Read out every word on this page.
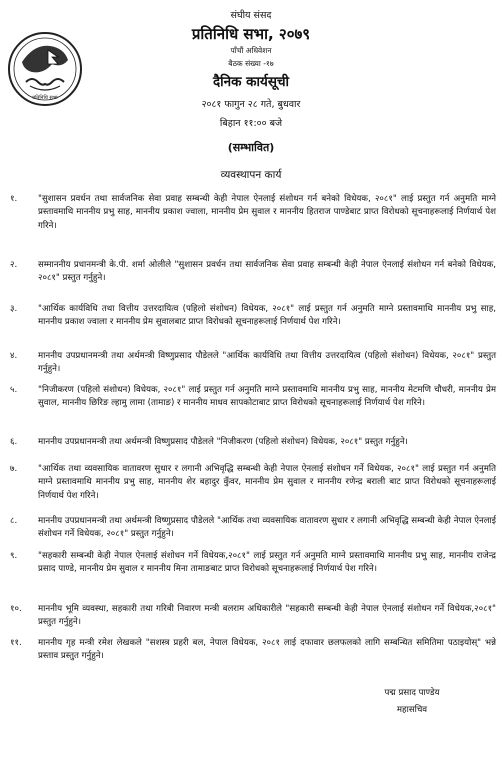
प्रतिनिधि सभा
संघीय संसद
प्रतिनिधि सभा, २०७९
पाँचौं अधिवेशन
बैठक संख्या -१७
दैनिक कार्यसूची
२०८१ फागुन २८ गते, बुधवार
बिहान ११:०० बजे
(सम्भावित)
व्यवस्थापन कार्य
१.	"सुशासन प्रवर्धन तथा सार्वजनिक सेवा प्रवाह सम्बन्धी केही नेपाल ऐनलाई संशोधन गर्न बनेको विधेयक, २०८१" लाई प्रस्तुत गर्न अनुमति माग्ने प्रस्तावमाथि माननीय प्रभु साह, माननीय प्रकाश ज्वाला, माननीय प्रेम सुवाल र माननीय हितराज पाण्डेबाट प्राप्त विरोधको सूचनाहरूलाई निर्णयार्थ पेश गरिने।
२.	सम्माननीय प्रधानमन्त्री के.पी. शर्मा ओलीले "सुशासन प्रवर्धन तथा सार्वजनिक सेवा प्रवाह सम्बन्धी केही नेपाल ऐनलाई संशोधन गर्न बनेको विधेयक, २०८१" प्रस्तुत गर्नुहुने।
३.	"आर्थिक कार्यविधि तथा वित्तीय उत्तरदायित्व (पहिलो संशोधन) विधेयक, २०८१" लाई प्रस्तुत गर्न अनुमति माग्ने प्रस्तावमाथि माननीय प्रभु साह, माननीय प्रकाश ज्वाला र माननीय प्रेम सुवालबाट प्राप्त विरोधको सूचनाहरूलाई निर्णयार्थ पेश गरिने।
४.	माननीय उपप्रधानमन्त्री तथा अर्थमन्त्री विष्णुप्रसाद पौडेलले "आर्थिक कार्यविधि तथा वित्तीय उत्तरदायित्व (पहिलो संशोधन) विधेयक, २०८१" प्रस्तुत गर्नुहुने।
५.	"निजीकरण (पहिलो संशोधन) विधेयक, २०८१" लाई प्रस्तुत गर्न अनुमति माग्ने प्रस्तावमाथि माननीय प्रभु साह, माननीय मेटमणि चौधरी, माननीय प्रेम सुवाल, माननीय छिरिङ ल्हामु लामा (तामाङ) र माननीय माधव सापकोटाबाट प्राप्त विरोधको सूचनाहरूलाई निर्णयार्थ पेश गरिने।
६.	माननीय उपप्रधानमन्त्री तथा अर्थमन्त्री विष्णुप्रसाद पौडेलले "निजीकरण (पहिलो संशोधन) विधेयक, २०८१" प्रस्तुत गर्नुहुने।
७.	"आर्थिक तथा व्यवसायिक वातावरण सुधार र लगानी अभिवृद्धि सम्बन्धी केही नेपाल ऐनलाई संशोधन गर्ने विधेयक, २०८१" लाई प्रस्तुत गर्न अनुमति माग्ने प्रस्तावमाथि माननीय प्रभु साह, माननीय शेर बहादुर कुँवर, माननीय प्रेम सुवाल र माननीय रणेन्द्र बराली बाट प्राप्त विरोधको सूचनाहरूलाई निर्णयार्थ पेश गरिने।
८.	माननीय उपप्रधानमन्त्री तथा अर्थमन्त्री विष्णुप्रसाद पौडेलले "आर्थिक तथा व्यवसायिक वातावरण सुधार र लगानी अभिवृद्धि सम्बन्धी केही नेपाल ऐनलाई संशोधन गर्ने विधेयक, २०८१" प्रस्तुत गर्नुहुने।
९.	"सहकारी सम्बन्धी केही नेपाल ऐनलाई संशोधन गर्ने विधेयक,२०८१" लाई प्रस्तुत गर्न अनुमति माग्ने प्रस्तावमाथि माननीय प्रभु साह, माननीय राजेन्द्र प्रसाद पाण्डे, माननीय प्रेम सुवाल र माननीय मिना तामाङबाट प्राप्त विरोधको सूचनाहरूलाई निर्णयार्थ पेश गरिने।
१०.	माननीय भूमि व्यवस्था, सहकारी तथा गरिबी निवारण मन्त्री बलराम अधिकारीले "सहकारी सम्बन्धी केही नेपाल ऐनलाई संशोधन गर्ने विधेयक,२०८१" प्रस्तुत गर्नुहुने।
११.	माननीय गृह मन्त्री रमेश लेखकले "सशस्त्र प्रहरी बल, नेपाल विधेयक, २०८१ लाई दफावार छलफलको लागि सम्बन्धित समितिमा पठाइयोस्" भन्ने प्रस्ताव प्रस्तुत गर्नुहुने।
पद्म प्रसाद पाण्डेय
महासचिव
